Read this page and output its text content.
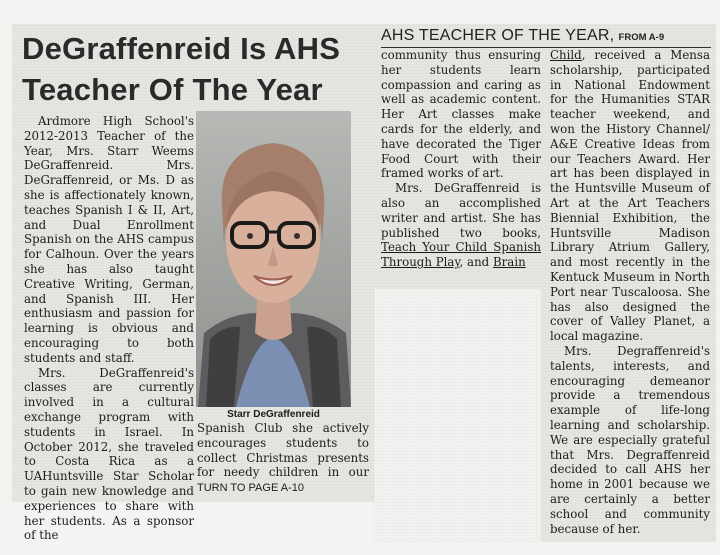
DeGraffenreid Is AHS Teacher Of The Year

Ardmore High School's 2012-2013 Teacher of the Year, Mrs. Starr Weems DeGraffenreid. Mrs. DeGraffenreid, or Ms. D as she is affectionately known, teaches Spanish I & II, Art, and Dual Enrollment Spanish on the AHS campus for Calhoun. Over the years she has also taught Creative Writing, German, and Spanish III. Her enthusiasm and passion for learning is obvious and encouraging to both students and staff.

Mrs. DeGraffenreid's classes are currently involved in a cultural exchange program with students in Israel. In October 2012, she traveled to Costa Rica as a UAHuntsville Star Scholar to gain new knowledge and experiences to share with her students. As a sponsor of the

Starr DeGraffenreid

Spanish Club she actively encourages students to collect Christmas presents for needy children in our TURN TO PAGE A-10

AHS TEACHER OF THE YEAR, FROM A-9

community thus ensuring her students learn compassion and caring as well as academic content. Her Art classes make cards for the elderly, and have decorated the Tiger Food Court with their framed works of art.

Mrs. DeGraffenreid is also an accomplished writer and artist. She has published two books, Teach Your Child Spanish Through Play, and Brain

Child, received a Mensa scholarship, participated in National Endowment for the Humanities STAR teacher weekend, and won the History Channel/ A&E Creative Ideas from our Teachers Award. Her art has been displayed in the Huntsville Museum of Art at the Art Teachers Biennial Exhibition, the Huntsville Madison Library Atrium Gallery, and most recently in the Kentuck Museum in North Port near Tuscaloosa. She has also designed the cover of Valley Planet, a local magazine.

Mrs. Degraffenreid's talents, interests, and encouraging demeanor provide a tremendous example of life-long learning and scholarship. We are especially grateful that Mrs. Degraffenreid decided to call AHS her home in 2001 because we are certainly a better school and community because of her.
